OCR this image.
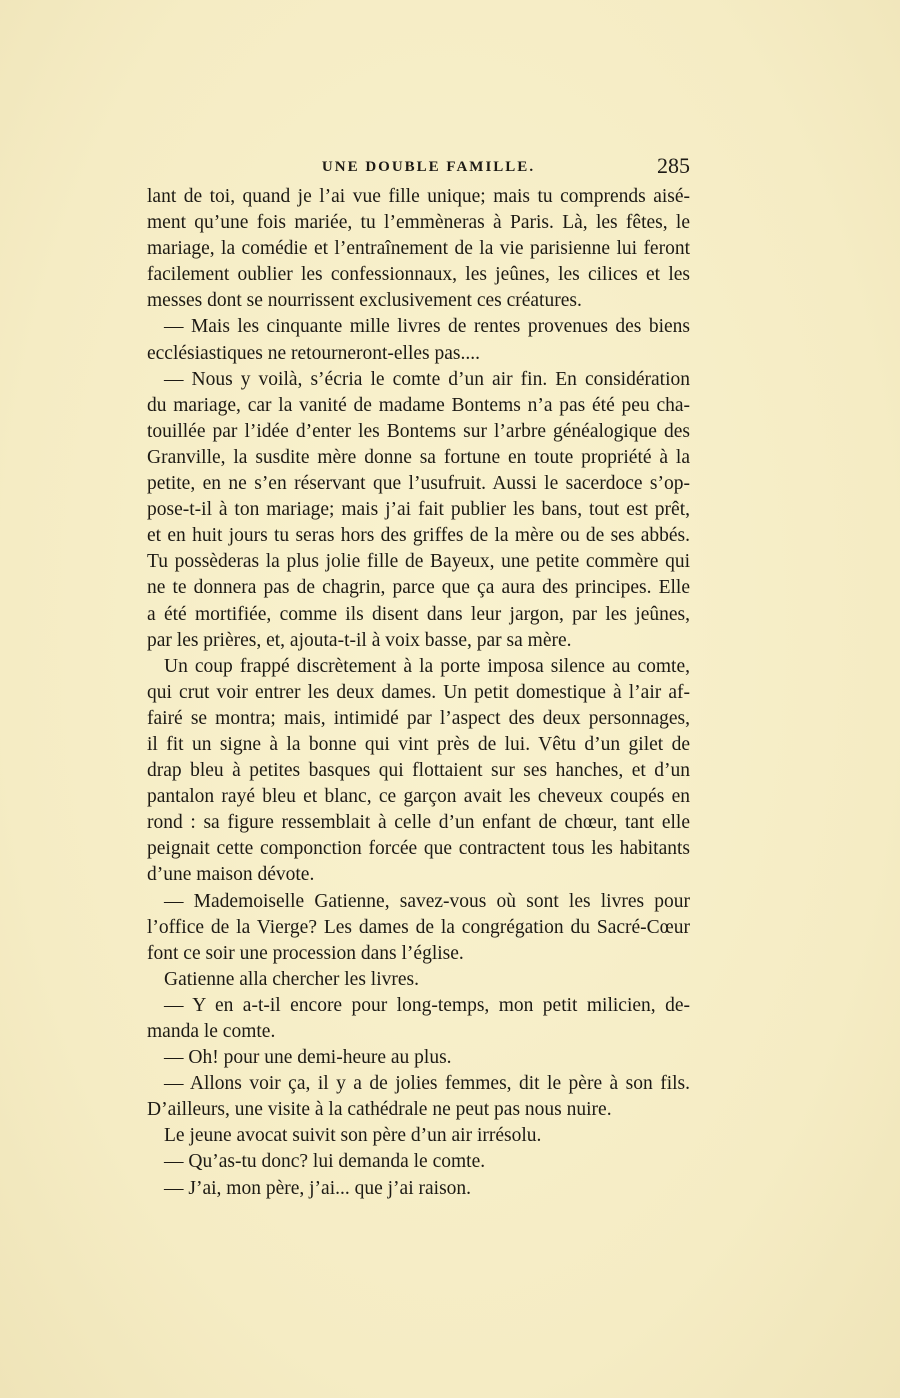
UNE DOUBLE FAMILLE.	285
lant de toi, quand je l’ai vue fille unique; mais tu comprends aisé-
ment qu’une fois mariée, tu l’emmèneras à Paris. Là, les fêtes, le
mariage, la comédie et l’entraînement de la vie parisienne lui feront
facilement oublier les confessionnaux, les jeûnes, les cilices et les
messes dont se nourrissent exclusivement ces créatures.
— Mais les cinquante mille livres de rentes provenues des biens
ecclésiastiques ne retourneront-elles pas....
— Nous y voilà, s’écria le comte d’un air fin. En considération
du mariage, car la vanité de madame Bontems n’a pas été peu cha-
touillée par l’idée d’enter les Bontems sur l’arbre généalogique des
Granville, la susdite mère donne sa fortune en toute propriété à la
petite, en ne s’en réservant que l’usufruit. Aussi le sacerdoce s’op-
pose-t-il à ton mariage; mais j’ai fait publier les bans, tout est prêt,
et en huit jours tu seras hors des griffes de la mère ou de ses abbés.
Tu possèderas la plus jolie fille de Bayeux, une petite commère qui
ne te donnera pas de chagrin, parce que ça aura des principes. Elle
a été mortifiée, comme ils disent dans leur jargon, par les jeûnes,
par les prières, et, ajouta-t-il à voix basse, par sa mère.
Un coup frappé discrètement à la porte imposa silence au comte,
qui crut voir entrer les deux dames. Un petit domestique à l’air af-
fairé se montra; mais, intimidé par l’aspect des deux personnages,
il fit un signe à la bonne qui vint près de lui. Vêtu d’un gilet de
drap bleu à petites basques qui flottaient sur ses hanches, et d’un
pantalon rayé bleu et blanc, ce garçon avait les cheveux coupés en
rond : sa figure ressemblait à celle d’un enfant de chœur, tant elle
peignait cette componction forcée que contractent tous les habitants
d’une maison dévote.
— Mademoiselle Gatienne, savez-vous où sont les livres pour
l’office de la Vierge? Les dames de la congrégation du Sacré-Cœur
font ce soir une procession dans l’église.
Gatienne alla chercher les livres.
— Y en a-t-il encore pour long-temps, mon petit milicien, de-
manda le comte.
— Oh! pour une demi-heure au plus.
— Allons voir ça, il y a de jolies femmes, dit le père à son fils.
D’ailleurs, une visite à la cathédrale ne peut pas nous nuire.
Le jeune avocat suivit son père d’un air irrésolu.
— Qu’as-tu donc? lui demanda le comte.
— J’ai, mon père, j’ai... que j’ai raison.
